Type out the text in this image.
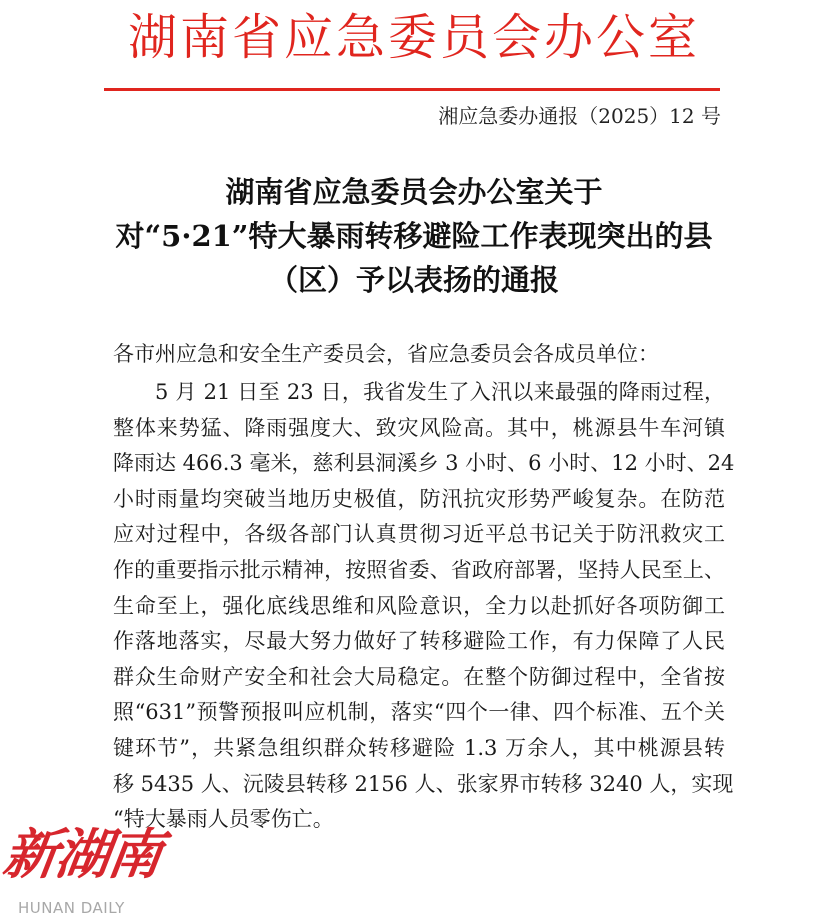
湖南省应急委员会办公室
湘应急委办通报（2025）12 号
湖南省应急委员会办公室关于
对“5·21”特大暴雨转移避险工作表现突出的县
（区）予以表扬的通报
各市州应急和安全生产委员会，省应急委员会各成员单位：
5 月 21 日至 23 日，我省发生了入汛以来最强的降雨过程，
整体来势猛、降雨强度大、致灾风险高。其中，桃源县牛车河镇
降雨达 466.3 毫米，慈利县洞溪乡 3 小时、6 小时、12 小时、24
小时雨量均突破当地历史极值，防汛抗灾形势严峻复杂。在防范
应对过程中，各级各部门认真贯彻习近平总书记关于防汛救灾工
作的重要指示批示精神，按照省委、省政府部署，坚持人民至上、
生命至上，强化底线思维和风险意识，全力以赴抓好各项防御工
作落地落实，尽最大努力做好了转移避险工作，有力保障了人民
群众生命财产安全和社会大局稳定。在整个防御过程中，全省按
照“631”预警预报叫应机制，落实“四个一律、四个标准、五个关
键环节”，共紧急组织群众转移避险 1.3 万余人，其中桃源县转
移 5435 人、沅陵县转移 2156 人、张家界市转移 3240 人，实现
“特大暴雨人员零伤亡。
新湖南
HUNAN DAILY
